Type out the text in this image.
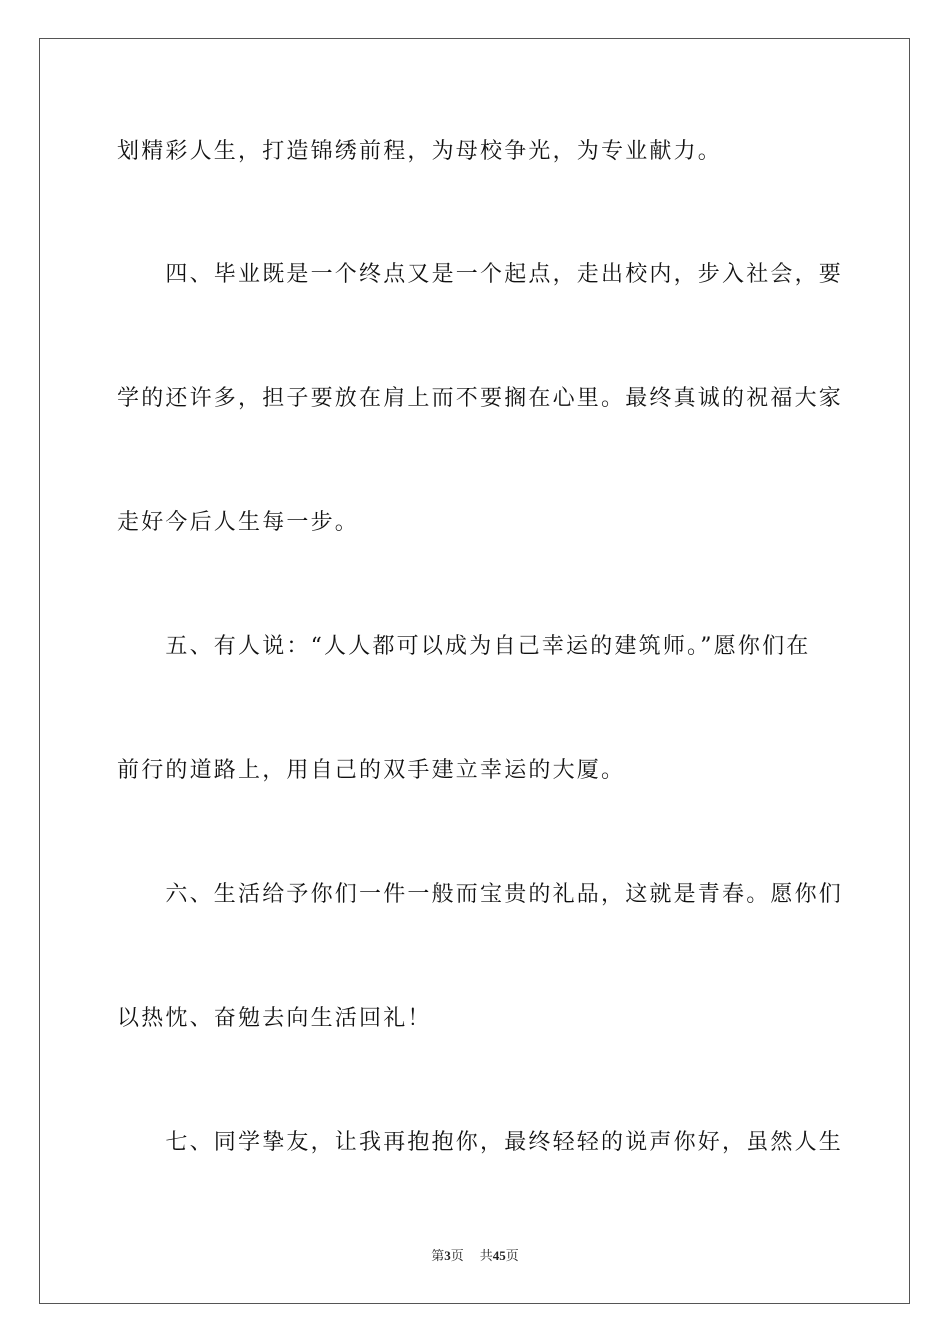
划精彩人生，打造锦绣前程，为母校争光，为专业献力。
　　四、毕业既是一个终点又是一个起点，走出校内，步入社会，要
学的还许多，担子要放在肩上而不要搁在心里。最终真诚的祝福大家
走好今后人生每一步。
　　五、有人说：“人人都可以成为自己幸运的建筑师。”愿你们在
前行的道路上，用自己的双手建立幸运的大厦。
　　六、生活给予你们一件一般而宝贵的礼品，这就是青春。愿你们
以热忱、奋勉去向生活回礼！
　　七、同学挚友，让我再抱抱你，最终轻轻的说声你好，虽然人生
第3页 共45页
